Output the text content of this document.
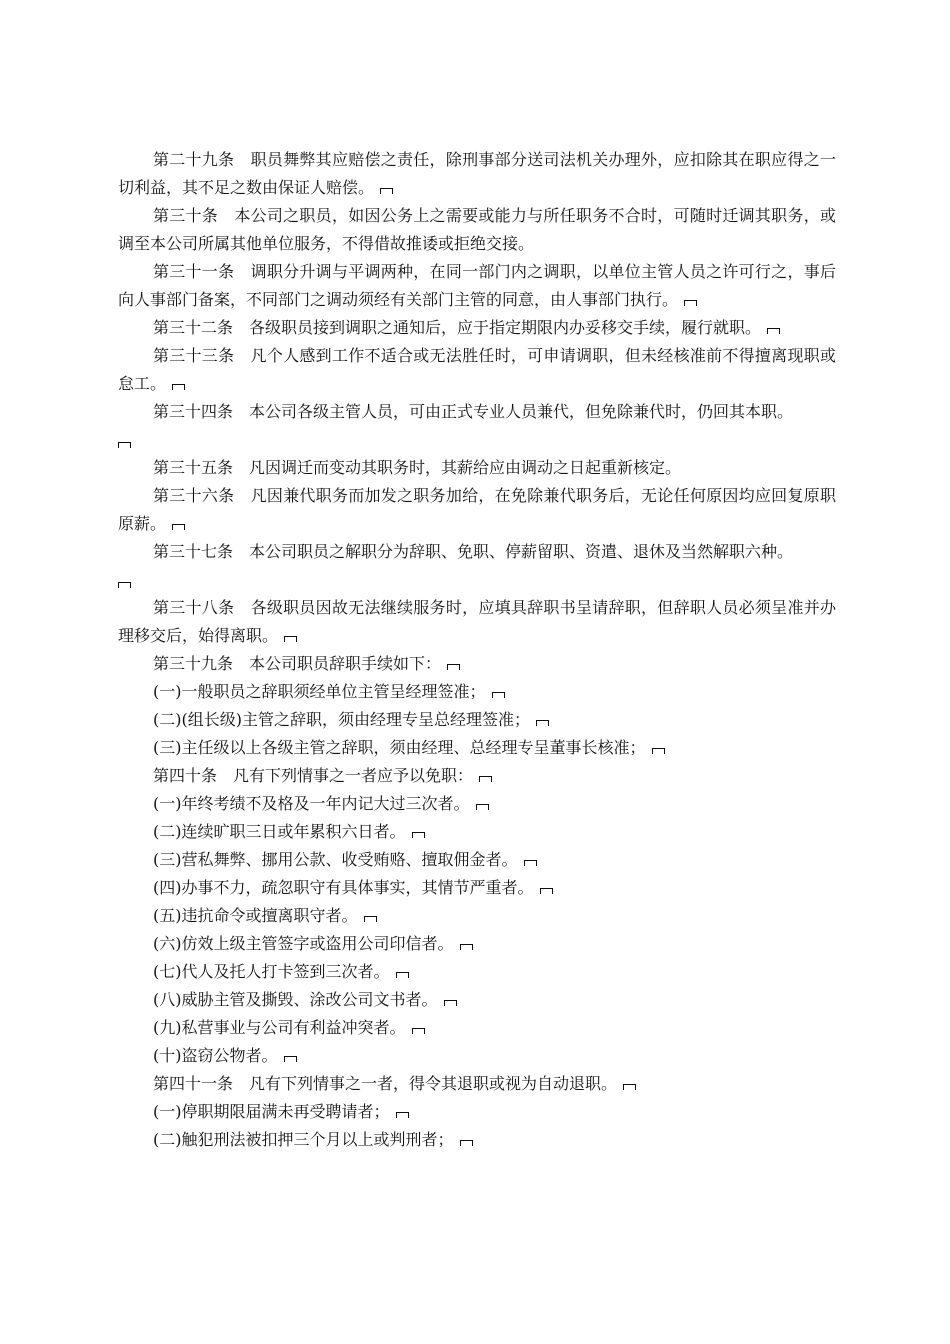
第二十九条　职员舞弊其应赔偿之责任，除刑事部分送司法机关办理外，应扣除其在职应得之一切利益，其不足之数由保证人赔偿。

第三十条　本公司之职员，如因公务上之需要或能力与所任职务不合时，可随时迁调其职务，或调至本公司所属其他单位服务，不得借故推诿或拒绝交接。

第三十一条　调职分升调与平调两种，在同一部门内之调职，以单位主管人员之许可行之，事后向人事部门备案，不同部门之调动须经有关部门主管的同意，由人事部门执行。

第三十二条　各级职员接到调职之通知后，应于指定期限内办妥移交手续，履行就职。

第三十三条　凡个人感到工作不适合或无法胜任时，可申请调职，但未经核准前不得擅离现职或怠工。

第三十四条　本公司各级主管人员，可由正式专业人员兼代，但免除兼代时，仍回其本职。

第三十五条　凡因调迁而变动其职务时，其薪给应由调动之日起重新核定。

第三十六条　凡因兼代职务而加发之职务加给，在免除兼代职务后，无论任何原因均应回复原职原薪。

第三十七条　本公司职员之解职分为辞职、免职、停薪留职、资遣、退休及当然解职六种。

第三十八条　各级职员因故无法继续服务时，应填具辞职书呈请辞职，但辞职人员必须呈准并办理移交后，始得离职。

第三十九条　本公司职员辞职手续如下：

(一)一般职员之辞职须经单位主管呈经理签准；

(二)(组长级)主管之辞职，须由经理专呈总经理签准；

(三)主任级以上各级主管之辞职，须由经理、总经理专呈董事长核准；

第四十条　凡有下列情事之一者应予以免职：

(一)年终考绩不及格及一年内记大过三次者。

(二)连续旷职三日或年累积六日者。

(三)营私舞弊、挪用公款、收受贿赂、擅取佣金者。

(四)办事不力，疏忽职守有具体事实，其情节严重者。

(五)违抗命令或擅离职守者。

(六)仿效上级主管签字或盗用公司印信者。

(七)代人及托人打卡签到三次者。

(八)威胁主管及撕毁、涂改公司文书者。

(九)私营事业与公司有利益冲突者。

(十)盗窃公物者。

第四十一条　凡有下列情事之一者，得令其退职或视为自动退职。

(一)停职期限届满未再受聘请者；

(二)触犯刑法被扣押三个月以上或判刑者；
